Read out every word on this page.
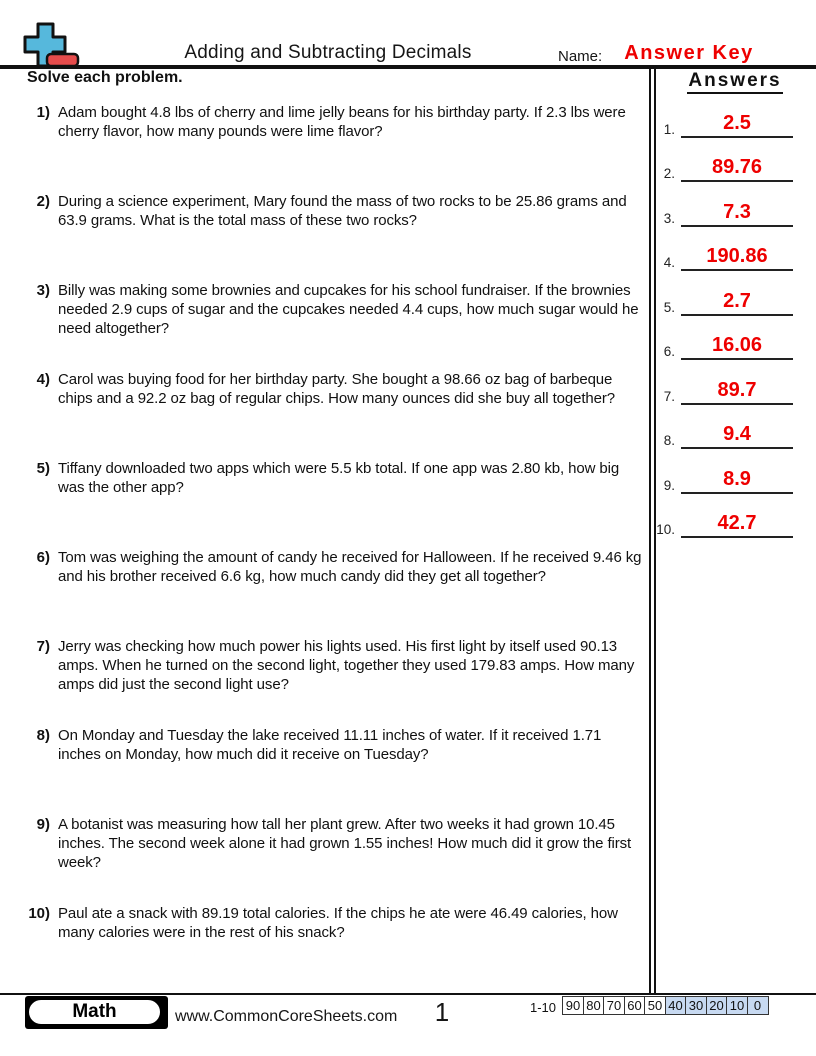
Adding and Subtracting Decimals	Name: Answer Key
Solve each problem.
1) Adam bought 4.8 lbs of cherry and lime jelly beans for his birthday party. If 2.3 lbs were cherry flavor, how many pounds were lime flavor?
2) During a science experiment, Mary found the mass of two rocks to be 25.86 grams and 63.9 grams. What is the total mass of these two rocks?
3) Billy was making some brownies and cupcakes for his school fundraiser. If the brownies needed 2.9 cups of sugar and the cupcakes needed 4.4 cups, how much sugar would he need altogether?
4) Carol was buying food for her birthday party. She bought a 98.66 oz bag of barbeque chips and a 92.2 oz bag of regular chips. How many ounces did she buy all together?
5) Tiffany downloaded two apps which were 5.5 kb total. If one app was 2.80 kb, how big was the other app?
6) Tom was weighing the amount of candy he received for Halloween. If he received 9.46 kg and his brother received 6.6 kg, how much candy did they get all together?
7) Jerry was checking how much power his lights used. His first light by itself used 90.13 amps. When he turned on the second light, together they used 179.83 amps. How many amps did just the second light use?
8) On Monday and Tuesday the lake received 11.11 inches of water. If it received 1.71 inches on Monday, how much did it receive on Tuesday?
9) A botanist was measuring how tall her plant grew. After two weeks it had grown 10.45 inches. The second week alone it had grown 1.55 inches! How much did it grow the first week?
10) Paul ate a snack with 89.19 total calories. If the chips he ate were 46.49 calories, how many calories were in the rest of his snack?
Answers
1.	2.5
2.	89.76
3.	7.3
4.	190.86
5.	2.7
6.	16.06
7.	89.7
8.	9.4
9.	8.9
10.	42.7
Math	www.CommonCoreSheets.com	1	1-10 90 80 70 60 50 40 30 20 10 0
